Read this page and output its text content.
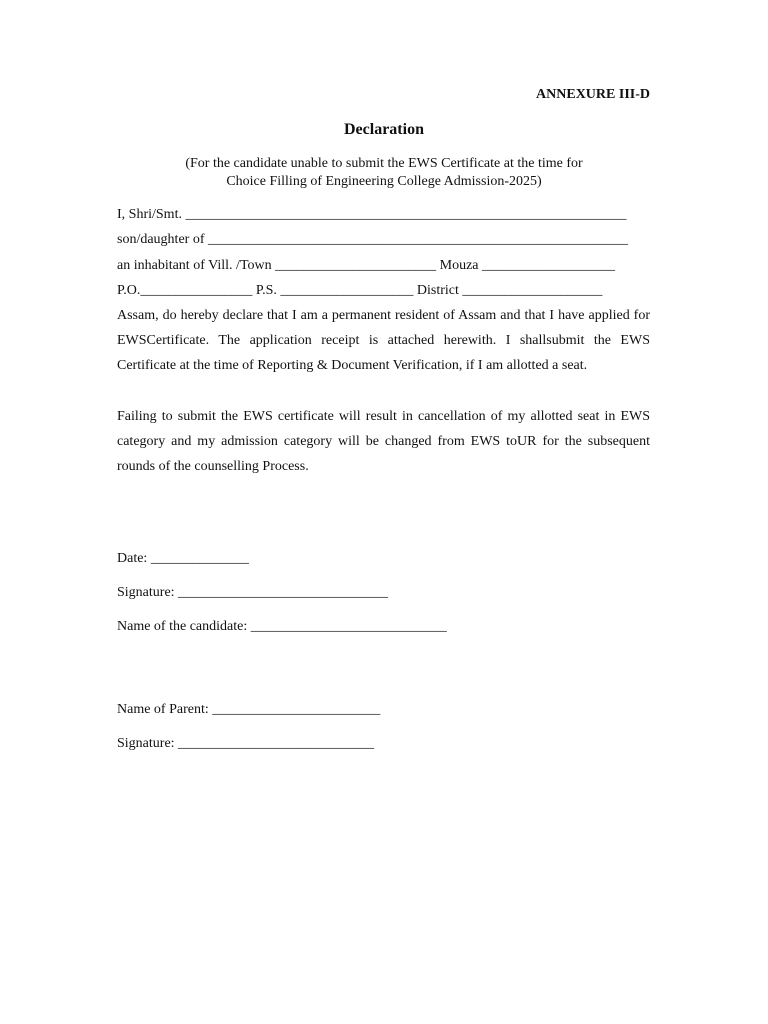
ANNEXURE III-D
Declaration
(For the candidate unable to submit the EWS Certificate at the time for
Choice Filling of Engineering College Admission-2025)
I, Shri/Smt. _______________________________________________________________
son/daughter of ____________________________________________________________
an inhabitant of Vill. /Town _______________________ Mouza ___________________
P.O.________________ P.S. ___________________ District ____________________
Assam, do hereby declare that I am a permanent resident of Assam and that I have applied for EWSCertificate. The application receipt is attached herewith. I shallsubmit the EWS Certificate at the time of Reporting & Document Verification, if I am allotted a seat.
Failing to submit the EWS certificate will result in cancellation of my allotted seat in EWS category and my admission category will be changed from EWS toUR for the subsequent rounds of the counselling Process.
Date: ______________
Signature: ______________________________
Name of the candidate: ____________________________
Name of Parent: ________________________
Signature: ____________________________
